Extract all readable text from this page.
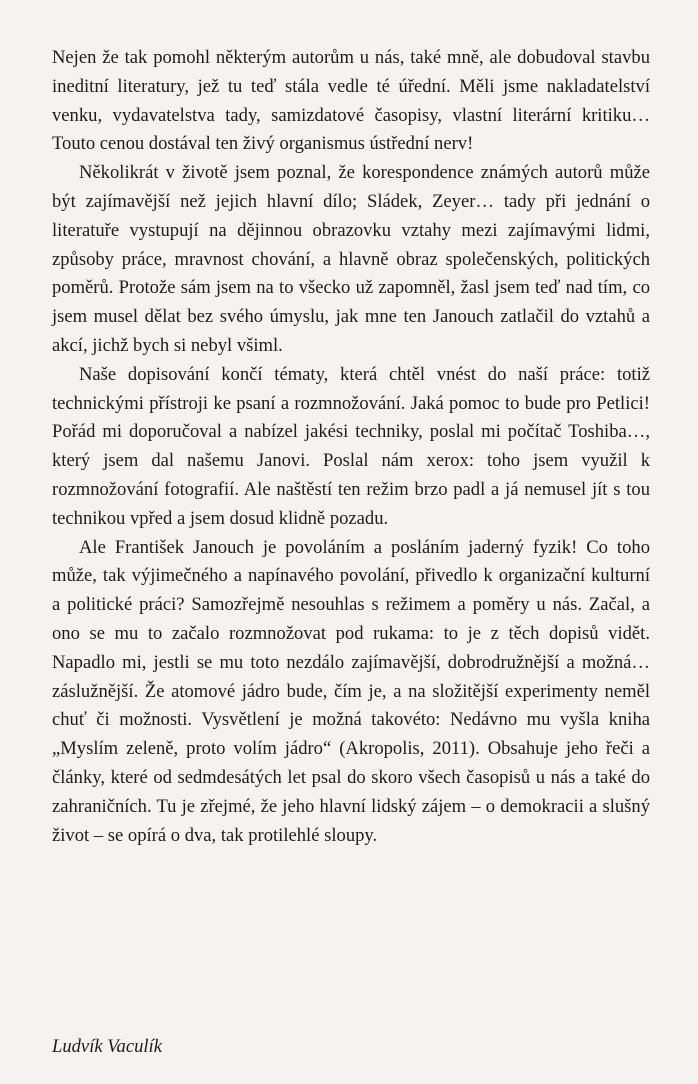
Nejen že tak pomohl některým autorům u nás, také mně, ale dobudoval stavbu ineditní literatury, jež tu teď stála vedle té úřední. Měli jsme nakladatelství venku, vydavatelstva tady, samizdatové časopisy, vlastní literární kritiku… Touto cenou dostával ten živý organismus ústřední nerv!

Několikrát v životě jsem poznal, že korespondence známých autorů může být zajímavější než jejich hlavní dílo; Sládek, Zeyer… tady při jednání o literatuře vystupují na dějinnou obrazovku vztahy mezi zajímavými lidmi, způsoby práce, mravnost chování, a hlavně obraz společenských, politických poměrů. Protože sám jsem na to všecko už zapomněl, žasl jsem teď nad tím, co jsem musel dělat bez svého úmyslu, jak mne ten Janouch zatlačil do vztahů a akcí, jichž bych si nebyl všiml.

Naše dopisování končí tématy, která chtěl vnést do naší práce: totiž technickými přístroji ke psaní a rozmnožování. Jaká pomoc to bude pro Petlici! Pořád mi doporučoval a nabízel jakési techniky, poslal mi počítač Toshiba…, který jsem dal našemu Janovi. Poslal nám xerox: toho jsem využil k rozmnožování fotografií. Ale naštěstí ten režim brzo padl a já nemusel jít s tou technikou vpřed a jsem dosud klidně pozadu.

Ale František Janouch je povoláním a posláním jaderný fyzik! Co toho může, tak výjimečného a napínavého povolání, přivedlo k organizační kulturní a politické práci? Samozřejmě nesouhlas s režimem a poměry u nás. Začal, a ono se mu to začalo rozmnožovat pod rukama: to je z těch dopisů vidět. Napadlo mi, jestli se mu toto nezdálo zajímavější, dobrodružnější a možná… záslužnější. Že atomové jádro bude, čím je, a na složitější experimenty neměl chuť či možnosti. Vysvětlení je možná takovéto: Nedávno mu vyšla kniha „Myslím zeleně, proto volím jádro“ (Akropolis, 2011). Obsahuje jeho řeči a články, které od sedmdesátých let psal do skoro všech časopisů u nás a také do zahraničních. Tu je zřejmé, že jeho hlavní lidský zájem – o demokracii a slušný život – se opírá o dva, tak protilehlé sloupy.

Ludvík Vaculík
